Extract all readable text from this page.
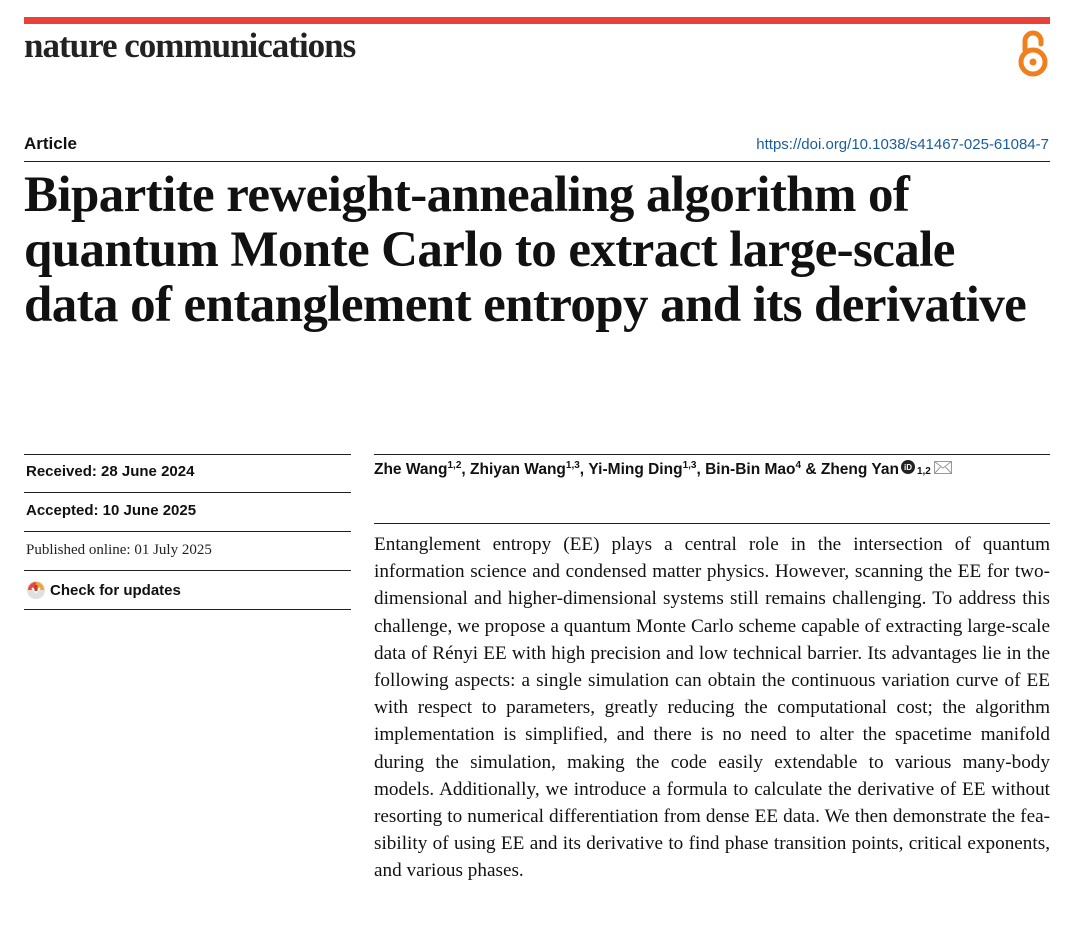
nature communications
Article	https://doi.org/10.1038/s41467-025-61084-7
Bipartite reweight-annealing algorithm of quantum Monte Carlo to extract large-scale data of entanglement entropy and its derivative
Received: 28 June 2024
Accepted: 10 June 2025
Published online: 01 July 2025
Check for updates
Zhe Wang$^{1,2}$ , Zhiyan Wang$^{1,3}$ , Yi-Ming Ding$^{1,3}$ , Bin-Bin Mao$^4$ & Zheng Yan iD 1,2

Entanglement entropy (EE) plays a central role in the intersection of quantum information science and condensed matter physics. However, scanning the EE for two-dimensional and higher-dimensional systems still remains challenging. To address this challenge, we propose a quantum Monte Carlo scheme capable of extracting large-scale data of Rényi EE with high precision and low technical barrier. Its advantages lie in the following aspects: a single simulation can obtain the continuous variation curve of EE with respect to parameters, greatly reducing the computational cost; the algorithm implementation is simplified, and there is no need to alter the spacetime manifold during the simulation, making the code easily extendable to various many-body models. Additionally, we introduce a formula to calculate the derivative of EE without resorting to numerical differentiation from dense EE data. We then demonstrate the fea-sibility of using EE and its derivative to find phase transition points, critical exponents, and various phases.
